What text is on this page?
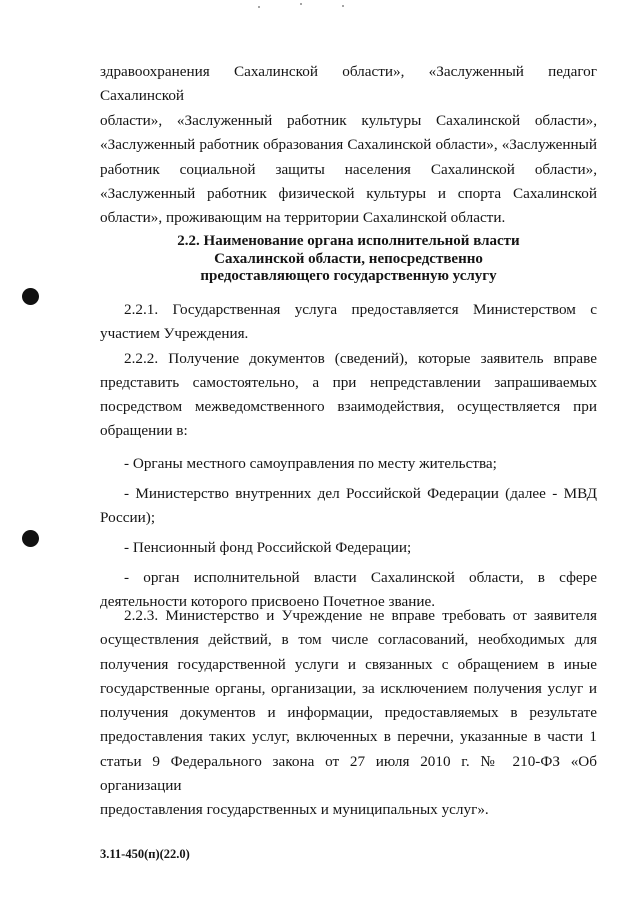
здравоохранения Сахалинской области», «Заслуженный педагог Сахалинской

области», «Заслуженный работник культуры Сахалинской области»,

«Заслуженный работник образования Сахалинской области», «Заслуженный

работник социальной защиты населения Сахалинской области»,

«Заслуженный работник физической культуры и спорта Сахалинской

области», проживающим на территории Сахалинской области.

2.2. Наименование органа исполнительной власти
Сахалинской области, непосредственно
предоставляющего государственную услугу

2.2.1. Государственная услуга предоставляется Министерством с

участием Учреждения.

2.2.2. Получение документов (сведений), которые заявитель вправе

представить самостоятельно, а при непредставлении запрашиваемых

посредством межведомственного взаимодействия, осуществляется при

обращении в:

- Органы местного самоуправления по месту жительства;

- Министерство внутренних дел Российской Федерации (далее - МВД

России);

- Пенсионный фонд Российской Федерации;

- орган исполнительной власти Сахалинской области, в сфере

деятельности которого присвоено Почетное звание.

2.2.3. Министерство и Учреждение не вправе требовать от заявителя

осуществления действий, в том числе согласований, необходимых для

получения государственной услуги и связанных с обращением в иные

государственные органы, организации, за исключением получения услуг и

получения документов и информации, предоставляемых в результате

предоставления таких услуг, включенных в перечни, указанные в части 1

статьи 9 Федерального закона от 27 июля 2010 г. № 210-ФЗ «Об организации

предоставления государственных и муниципальных услуг».

3.11-450(п)(22.0)
